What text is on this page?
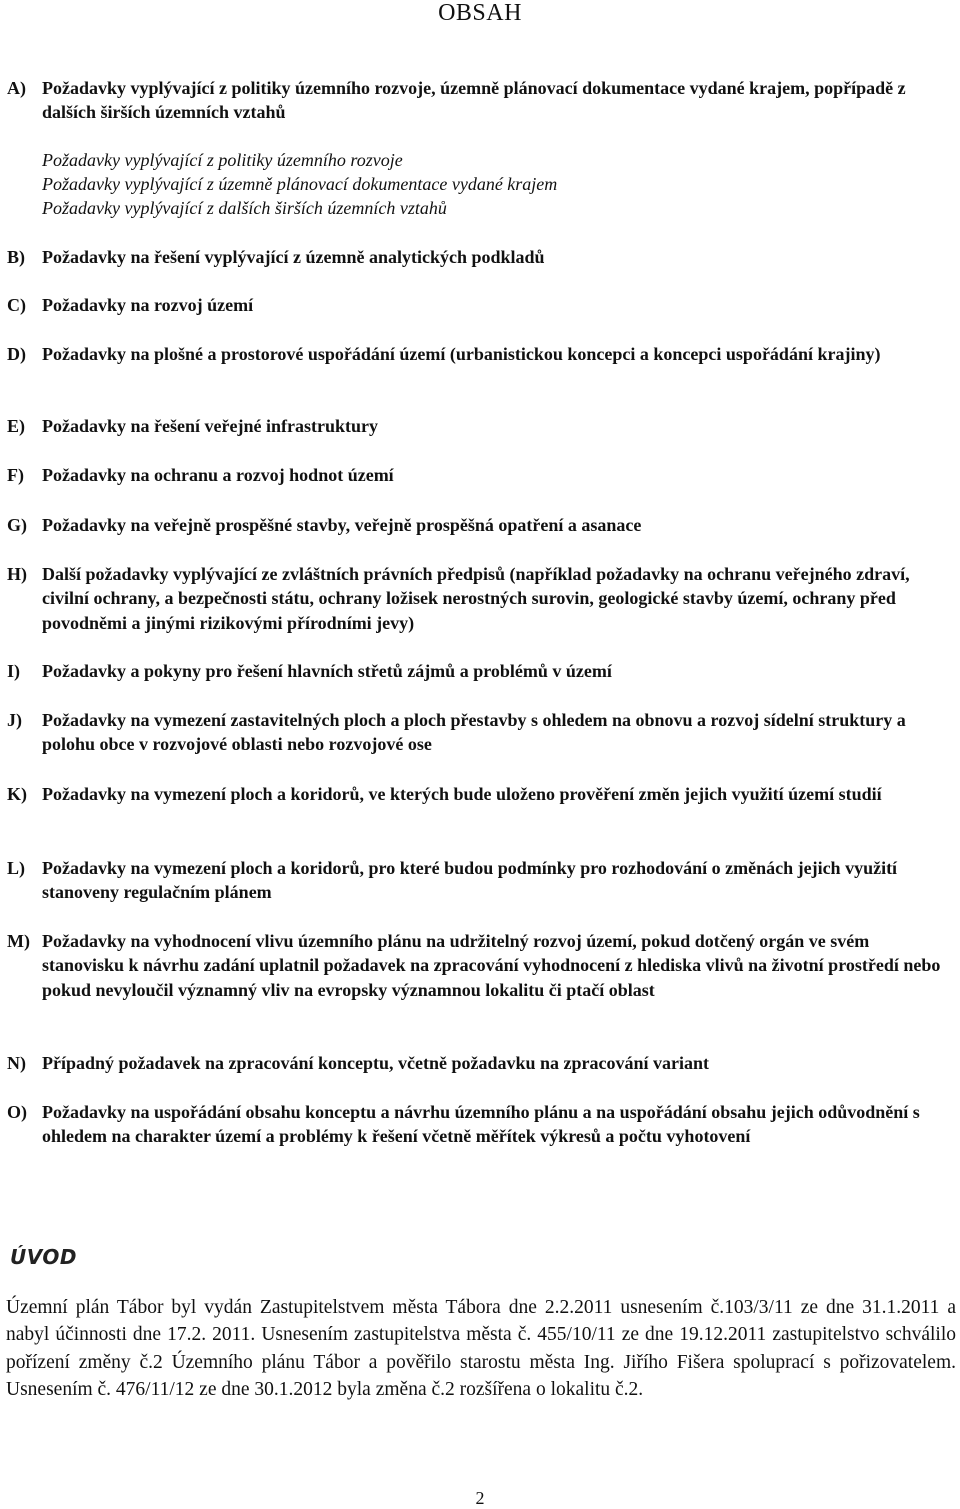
OBSAH
A) Požadavky vyplývající z politiky územního rozvoje, územně plánovací dokumentace vydané krajem, popřípadě z dalších širších územních vztahů
Požadavky vyplývající z politiky územního rozvoje
Požadavky vyplývající z územně plánovací dokumentace vydané krajem
Požadavky vyplývající z dalších širších územních vztahů
B) Požadavky na řešení vyplývající z územně analytických podkladů
C) Požadavky na rozvoj území
D) Požadavky na plošné a prostorové uspořádání území (urbanistickou koncepci a koncepci uspořádání krajiny)
E) Požadavky na řešení veřejné infrastruktury
F)	Požadavky na ochranu a rozvoj hodnot území
G) Požadavky na veřejně prospěšné stavby, veřejně prospěšná opatření a asanace
H) Další požadavky vyplývající ze zvláštních právních předpisů (například požadavky na ochranu veřejného zdraví, civilní ochrany, a bezpečnosti státu, ochrany ložisek nerostných surovin, geologické stavby území, ochrany před povodněmi a jinými rizikovými přírodními jevy)
I)	Požadavky a pokyny pro řešení hlavních střetů zájmů a problémů v území
J)	Požadavky na vymezení zastavitelných ploch a ploch přestavby s ohledem na obnovu a rozvoj sídelní struktury a polohu obce v rozvojové oblasti nebo rozvojové ose
K) Požadavky na vymezení ploch a koridorů, ve kterých bude uloženo prověření změn jejich využití území studií
L) Požadavky na vymezení ploch a koridorů, pro které budou podmínky pro rozhodování o změnách jejich využití stanoveny regulačním plánem
M) Požadavky na vyhodnocení vlivu územního plánu na udržitelný rozvoj území, pokud dotčený orgán ve svém stanovisku k návrhu zadání uplatnil požadavek na zpracování vyhodnocení z hlediska vlivů na životní prostředí nebo pokud nevyloučil významný vliv na evropsky významnou lokalitu či ptačí oblast
N) Případný požadavek na zpracování konceptu, včetně požadavku na zpracování variant
O) Požadavky na uspořádání obsahu konceptu a návrhu územního plánu a na uspořádání obsahu jejich odůvodnění s ohledem na charakter území a problémy k řešení včetně měřítek výkresů a počtu vyhotovení
ÚVOD
Územní plán Tábor byl vydán Zastupitelstvem města Tábora dne 2.2.2011 usnesením č.103/3/11 ze dne 31.1.2011 a nabyl účinnosti dne 17.2. 2011. Usnesením zastupitelstva města č. 455/10/11 ze dne 19.12.2011 zastupitelstvo schválilo pořízení změny č.2 Územního plánu Tábor a pověřilo starostu města Ing. Jiřího Fišera spoluprací s pořizovatelem. Usnesením č. 476/11/12 ze dne 30.1.2012 byla změna č.2 rozšířena o lokalitu č.2.
2
